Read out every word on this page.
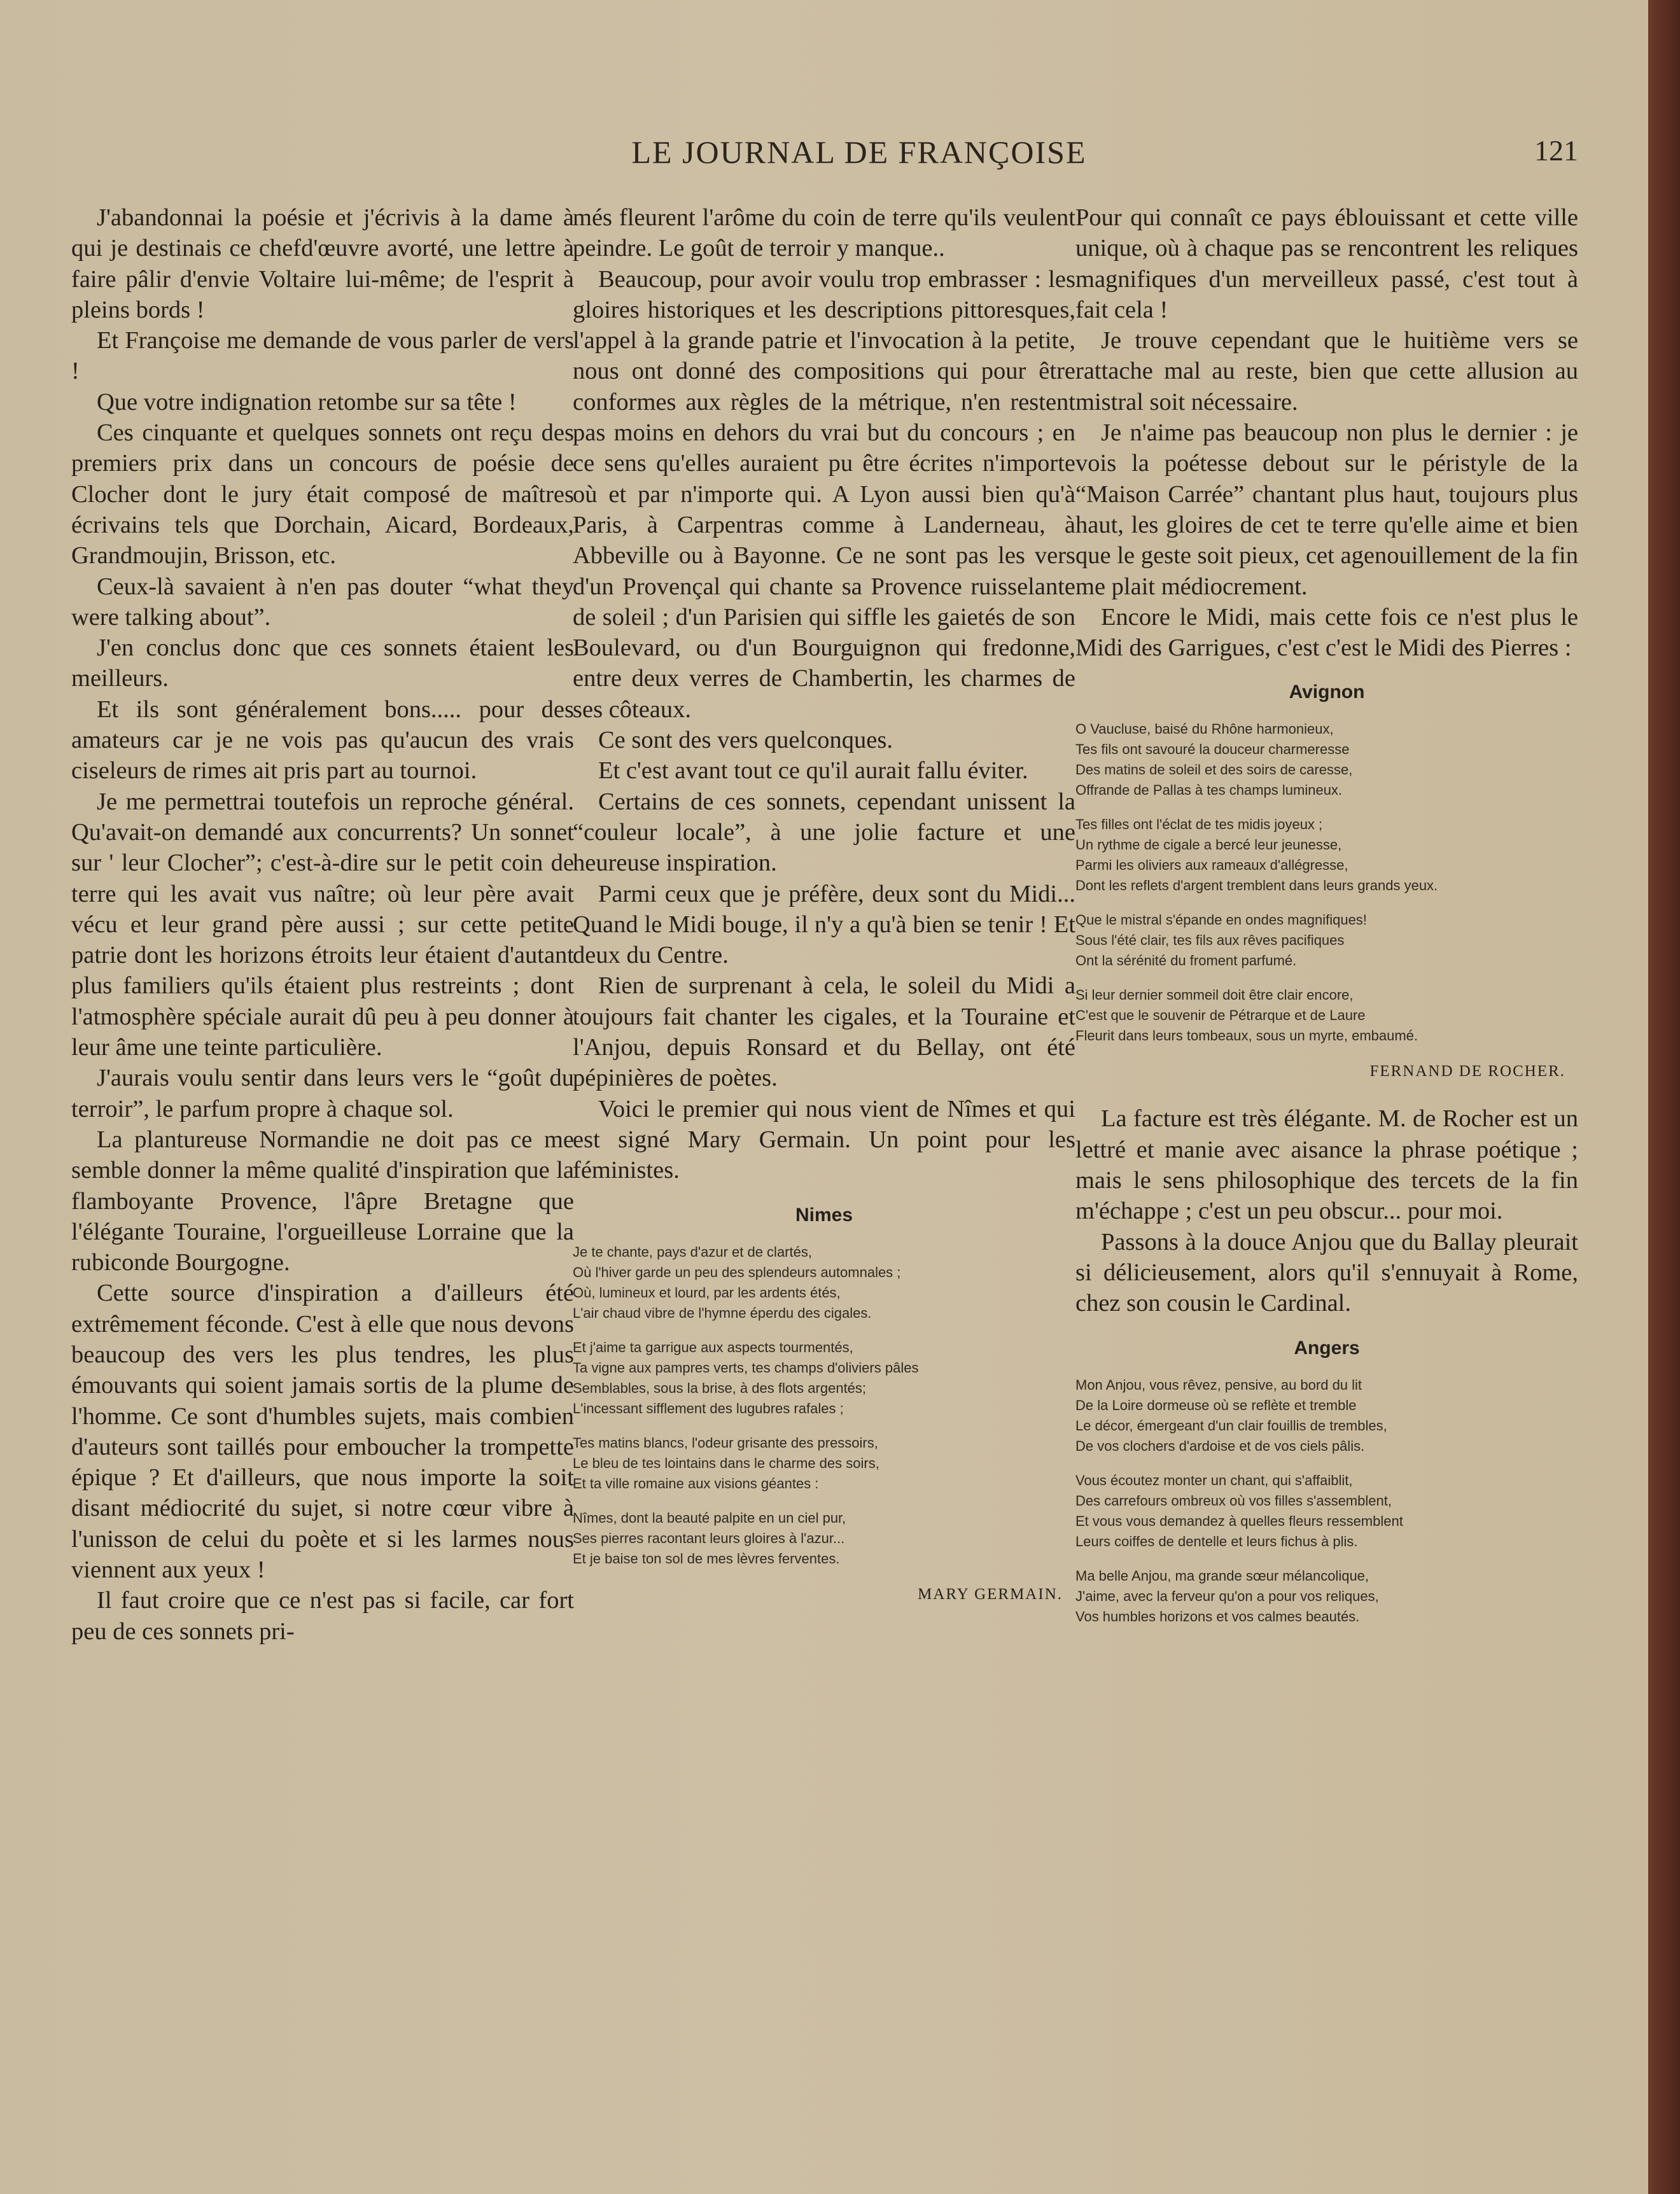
LE JOURNAL DE FRANÇOISE	121

J'abandonnai la poésie et j'écrivis à la dame à qui je destinais ce chefd'œuvre avorté, une lettre à faire pâlir d'envie Voltaire lui-même; de l'esprit à pleins bords !

Et Françoise me demande de vous parler de vers !

Que votre indignation retombe sur sa tête !

Ces cinquante et quelques sonnets ont reçu des premiers prix dans un concours de poésie de Clocher dont le jury était composé de maîtres écrivains tels que Dorchain, Aicard, Bordeaux, Grandmoujin, Brisson, etc.

Ceux-là savaient à n'en pas douter “what they were talking about”.

J'en conclus donc que ces sonnets étaient les meilleurs.

Et ils sont généralement bons..... pour des amateurs car je ne vois pas qu'aucun des vrais ciseleurs de rimes ait pris part au tournoi.

Je me permettrai toutefois un reproche général. Qu'avait-on demandé aux concurrents? Un sonnet sur ' leur Clocher”; c'est-à-dire sur le petit coin de terre qui les avait vus naître; où leur père avait vécu et leur grand père aussi ; sur cette petite patrie dont les horizons étroits leur étaient d'autant plus familiers qu'ils étaient plus restreints ; dont l'atmosphère spéciale aurait dû peu à peu donner à leur âme une teinte particulière.

J'aurais voulu sentir dans leurs vers le “goût du terroir”, le parfum propre à chaque sol.

La plantureuse Normandie ne doit pas ce me semble donner la même qualité d'inspiration que la flamboyante Provence, l'âpre Bretagne que l'élégante Touraine, l'orgueilleuse Lorraine que la rubiconde Bourgogne.

Cette source d'inspiration a d'ailleurs été extrêmement féconde. C'est à elle que nous devons beaucoup des vers les plus tendres, les plus émouvants qui soient jamais sortis de la plume de l'homme. Ce sont d'humbles sujets, mais combien d'auteurs sont taillés pour emboucher la trompette épique ? Et d'ailleurs, que nous importe la soit disant médiocrité du sujet, si notre cœur vibre à l'unisson de celui du poète et si les larmes nous viennent aux yeux !

Il faut croire que ce n'est pas si facile, car fort peu de ces sonnets pri-

més fleurent l'arôme du coin de terre qu'ils veulent peindre. Le goût de terroir y manque..

Beaucoup, pour avoir voulu trop embrasser : les gloires historiques et les descriptions pittoresques, l'appel à la grande patrie et l'invocation à la petite, nous ont donné des compositions qui pour être conformes aux règles de la métrique, n'en restent pas moins en dehors du vrai but du concours ; en ce sens qu'elles auraient pu être écrites n'importe où et par n'importe qui. A Lyon aussi bien qu'à Paris, à Carpentras comme à Landerneau, à Abbeville ou à Bayonne. Ce ne sont pas les vers d'un Provençal qui chante sa Provence ruisselante de soleil ; d'un Parisien qui siffle les gaietés de son Boulevard, ou d'un Bourguignon qui fredonne, entre deux verres de Chambertin, les charmes de ses côteaux.

Ce sont des vers quelconques.

Et c'est avant tout ce qu'il aurait fallu éviter.

Certains de ces sonnets, cependant unissent la “couleur locale”, à une jolie facture et une heureuse inspiration.

Parmi ceux que je préfère, deux sont du Midi... Quand le Midi bouge, il n'y a qu'à bien se tenir ! Et deux du Centre.

Rien de surprenant à cela, le soleil du Midi a toujours fait chanter les cigales, et la Touraine et l'Anjou, depuis Ronsard et du Bellay, ont été pépinières de poètes.

Voici le premier qui nous vient de Nîmes et qui est signé Mary Germain. Un point pour les féministes.

Nimes
Je te chante, pays d'azur et de clartés,
Où l'hiver garde un peu des splendeurs automnales ;
Où, lumineux et lourd, par les ardents étés,
L'air chaud vibre de l'hymne éperdu des cigales.
Et j'aime ta garrigue aux aspects tourmentés,
Ta vigne aux pampres verts, tes champs d'oliviers pâles
Semblables, sous la brise, à des flots argentés;
L'incessant sifflement des lugubres rafales ;
Tes matins blancs, l'odeur grisante des pressoirs,
Le bleu de tes lointains dans le charme des soirs,
Et ta ville romaine aux visions géantes :
Nîmes, dont la beauté palpite en un ciel pur,
Ses pierres racontant leurs gloires à l'azur...
Et je baise ton sol de mes lèvres ferventes.
MARY GERMAIN.

Pour qui connaît ce pays éblouissant et cette ville unique, où à chaque pas se rencontrent les reliques magnifiques d'un merveilleux passé, c'est tout à fait cela !

Je trouve cependant que le huitième vers se rattache mal au reste, bien que cette allusion au mistral soit nécessaire.

Je n'aime pas beaucoup non plus le dernier : je vois la poétesse debout sur le péristyle de la “Maison Carrée” chantant plus haut, toujours plus haut, les gloires de cet te terre qu'elle aime et bien que le geste soit pieux, cet agenouillement de la fin me plait médiocrement.

Encore le Midi, mais cette fois ce n'est plus le Midi des Garrigues, c'est c'est le Midi des Pierres :

Avignon
O Vaucluse, baisé du Rhône harmonieux,
Tes fils ont savouré la douceur charmeresse
Des matins de soleil et des soirs de caresse,
Offrande de Pallas à tes champs lumineux.
Tes filles ont l'éclat de tes midis joyeux ;
Un rythme de cigale a bercé leur jeunesse,
Parmi les oliviers aux rameaux d'allégresse,
Dont les reflets d'argent tremblent dans leurs grands yeux.
Que le mistral s'épande en ondes magnifiques!
Sous l'été clair, tes fils aux rêves pacifiques
Ont la sérénité du froment parfumé.
Si leur dernier sommeil doit être clair encore,
C'est que le souvenir de Pétrarque et de Laure
Fleurit dans leurs tombeaux, sous un myrte, embaumé.
FERNAND DE ROCHER.

La facture est très élégante. M. de Rocher est un lettré et manie avec aisance la phrase poétique ; mais le sens philosophique des tercets de la fin m'échappe ; c'est un peu obscur... pour moi.

Passons à la douce Anjou que du Ballay pleurait si délicieusement, alors qu'il s'ennuyait à Rome, chez son cousin le Cardinal.

Angers
Mon Anjou, vous rêvez, pensive, au bord du lit
De la Loire dormeuse où se reflète et tremble
Le décor, émergeant d'un clair fouillis de trembles,
De vos clochers d'ardoise et de vos ciels pâlis.
Vous écoutez monter un chant, qui s'affaiblit,
Des carrefours ombreux où vos filles s'assemblent,
Et vous vous demandez à quelles fleurs ressemblent
Leurs coiffes de dentelle et leurs fichus à plis.
Ma belle Anjou, ma grande sœur mélancolique,
J'aime, avec la ferveur qu'on a pour vos reliques,
Vos humbles horizons et vos calmes beautés.
